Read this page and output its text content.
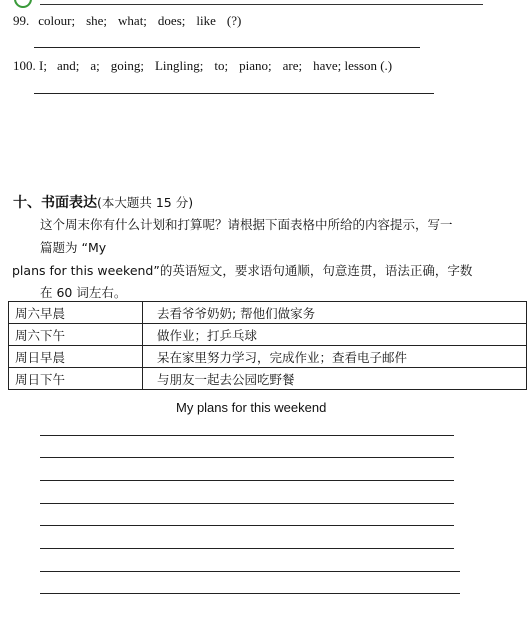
99. colour; she; what; does; like (?)
100. I; and; a; going; Lingling; to; piano; are; have; lesson (.)
十、书面表达(本大题共 15 分)
这个周末你有什么计划和打算呢？请根据下面表格中所给的内容提示，写一
篇题为 “My
plans for this weekend”的英语短文，要求语句通顺，句意连贯，语法正确，字数
在 60 词左右。
周六早晨	去看爷爷奶奶; 帮他们做家务
周六下午	做作业；打乒乓球
周日早晨	呆在家里努力学习，完成作业；查看电子邮件
周日下午	与朋友一起去公园吃野餐
My plans for this weekend
